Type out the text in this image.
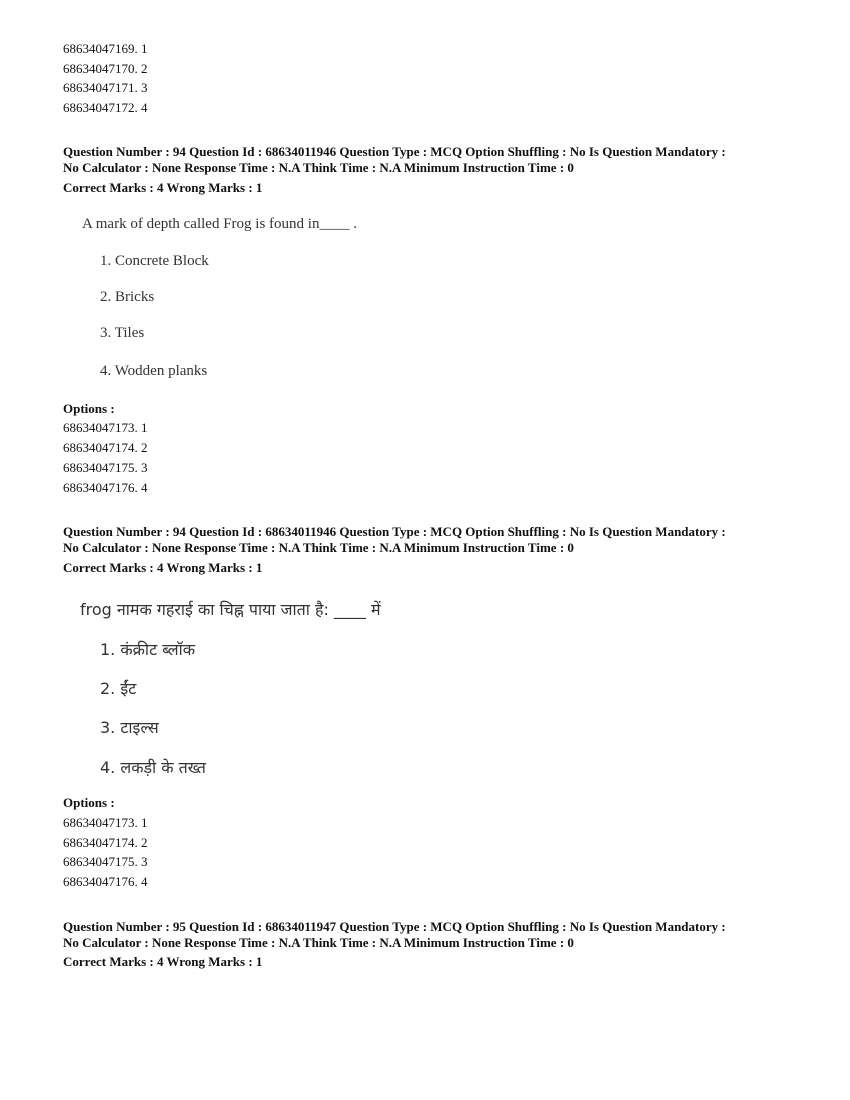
68634047169. 1
68634047170. 2
68634047171. 3
68634047172. 4
Question Number : 94 Question Id : 68634011946 Question Type : MCQ Option Shuffling : No Is Question Mandatory :
No Calculator : None Response Time : N.A Think Time : N.A Minimum Instruction Time : 0
Correct Marks : 4 Wrong Marks : 1
A mark of depth called Frog is found in____ .
1. Concrete Block
2. Bricks
3. Tiles
4. Wodden planks
Options :
68634047173. 1
68634047174. 2
68634047175. 3
68634047176. 4
Question Number : 94 Question Id : 68634011946 Question Type : MCQ Option Shuffling : No Is Question Mandatory :
No Calculator : None Response Time : N.A Think Time : N.A Minimum Instruction Time : 0
Correct Marks : 4 Wrong Marks : 1
frog नामक गहराई का चिह्न पाया जाता है: ____ में
1. कंक्रीट ब्लॉक
2. ईंट
3. टाइल्स
4. लकड़ी के तख्त
Options :
68634047173. 1
68634047174. 2
68634047175. 3
68634047176. 4
Question Number : 95 Question Id : 68634011947 Question Type : MCQ Option Shuffling : No Is Question Mandatory :
No Calculator : None Response Time : N.A Think Time : N.A Minimum Instruction Time : 0
Correct Marks : 4 Wrong Marks : 1
